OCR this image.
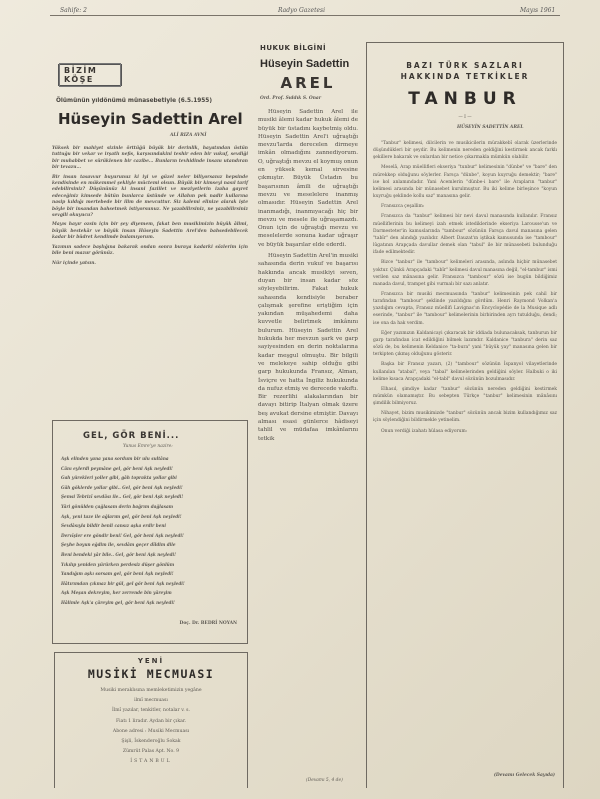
Sahife: 2	Radyo Gazetesi	Mayıs 1961
BİZİM KÖŞE
Ölümünün yıldönümü münasebetiyle (6.5.1955)
Hüseyin Sadettin Arel
ALİ RIZA AVNİ

Yüksek bir mahiyet sizinle örttüğü büyük bir derinlik, hayatından üstün tuttuğu bir vekar ve irşatlı nefis, karşısındakini teshir eden bir vukuf, sevdiği bir muhabbet ve sürüklenen bir cazibe... Bunların tevhidinde insanı utandıran bir tevazu...

Bir insan tasavvur buyurunuz ki iyi ve güzel neler biliyorsanız hepsinde kendisinde en mükemmel şekliyle müctemi olsun. Büyük bir kimseyi nasıl tarif edebilirsiniz? Düşününüz ki insani faziilet ve meziyetlerin izaha gayret edeceğiniz kimsede bütün bunlarca üstünde ve Allahın pek nadir kullarına nasip kıldığı mertebede bir ilim de mevcuttur. Siz kalemi elinize alarak işte böyle bir insandan bahsetmek istiyorsunuz. Ne yazabilirsiniz, ne yazabilirsiniz sevgili okuyucu?

Mayıs hayır ozsin için bir şey diyemem, fakat ben musikimizin büyük âlimi, büyük bestekâr ve büyük insan Hüseyin Sadettin Arel'den bahsedebilecek kadar bir büdret kendimde bulamıyorum.

Yazımın sadece başlığına bakarak ondan sonra buraya kadarki sözlerim için bile beni mazur görünüz.

Nür içinde yatsın.

GEL, GÖR BENİ...
Yunus Emre'ye nazire:
Aşk elinden yana yana sordum bir ulu sultâna
Cânı eylerdi peymâne gel, gör beni Aşk neyledi!
Gah yürekleri yoller gibi, gâh toprakta yollar gibi
Gâh göklerde yollar gibi.. Gel, gör beni Aşk neyledi!
Şemsi Tebrizî sevdâsı ile.. Gel, gör beni Aşk neyledi!
Yâri gönülden çağlasam derin bağrım dağlasam
Aşk, yeni taze ile ağlarım gel, gör beni Aşk neyledi!
Sevdâsıyla bildir benli cansız aşka erdir beni
Dervîşler ere göndir beni! Gel, gör beni Aşk neyledi!
Şeyhe boyun eğdim ile, sevdâm geçer dîldim dile
Beni bendeki yâr bile.. Gel, gör beni Aşk neyledi!
Yıkılıp yeniden yürürken perdesiz düşer gönlüm
Yandığım aşkı sorsam gel, gör beni Aşk neyledi!
Hâtırımdan çıkmaz bir gül, gel gör beni Aşk neyledi!
Aşk Meşan dekreyim, her zerrende bin yâreyim
Hâlimle Aşk'a çâreyim gel, gör beni Aşk neyledi!
Doç. Dr. BEDRİ NOYAN
YENİ
MUSİKİ MECMUASI
Musiki meraklısına memleketimizin yegâne
ilmî mecmuası
İlmî yazılar, tenkitler, notalar v. s.
Fiatı 1 liradır. Aydan bir çıkar.
Abone adresi : Musiki Mecmuası
Şişli, İskenderoğlu Sokak
Zümrüt Palas Apt. No. 9
İSTANBUL
HUKUK BİLGİNİ
Hüseyin Sadettin
AREL
Ord. Prof. Sıddık S. Onar

Hüseyin Sadettin Arel ile musiki âlemi kadar hukuk âlemi de büyük bir üstadını kaybetmiş oldu. Hüseyin Sadettin Arel'i uğraştığı mevzu'larda derecelen dirmeye imkân olmadığını zannediyorum. O, uğraştığı mevzu el koymuş onun en yüksek kemal sirvesine çıkmıştır. Büyük Üstadın bu başarısının âmili de uğraştığı mevzu ve meselelere inanmış olmasıdır. Hüseyin Sadettin Arel inanmadığı, inanmıyacağı hiç bir mevzu ve mesele ile uğraşamazdı. Onun için de uğraştığı mevzu ve meselelerde sonuna kadar uğraşır ve büyük başarılar elde ederdi.

Hüseyin Sadettin Arel'in musiki sahasında derin vukuf ve başarısı hakkında ancak musikiyi seven, duyan bir insan kadar söz söyleyebilirim. Fakat hukuk sahasında kendisiyle beraber çalışmak şerefine eriştiğim için yakından müşahedemi daha kuvvetle belirtmek imkânını bulurum. Hüseyin Sadettin Arel hukukda her mevzun şark ve garp sayiyesinden en derin noktalarına kadar meşgul olmuştu. Bir bilgili ve melekeye sahip olduğu gibi garp hukukunda Fransız, Alman, İsviçre ve hatta İngiliz hukukunda da nufuz etmiş ve derecede vakıftı. Bir rezerlihi alakalarından bir davayı bitirip İtalyan olmak üzere beş avukat dersine etmiştir. Davayı alması esasi günlerce hâdiseyi tahlil ve müdafaa imkânlarını tetkik

(Devamı 5, 4 de)
BAZI TÜRK SAZLARI
HAKKINDA TETKİKLER
TANBUR
— I —
HÜSEYİN SADETTİN AREL

"Tanbur" kelimesi, dilcilerin ve musikicilerin mürakkebî olarak üzerlerinde düşündükleri bir şeydir. Bu kelimenin nereden geldiğini kestirmek ancak farklı şekillere bakarak ve onlardan bir netice çıkarmakla mümkün olabilir.

Meselâ, Arap müellifleri ekseriya "tunbur" kelimesinin "dünbe" ve "bare" den mürekkep olduğunu söylerler. Farsça "dünbe", koyun kuyruğu demektir; "bare" ise kol anlamındadır. Yani Acemlerin "dünbe-i bare" ile Arapların "tanbur" kelimesi arasında bir münasebet kurulmuştur. Bu iki kelime birleşince "koyun kuyruğu şeklinde kollu saz" manasına gelir.

Fransızca çeşallim:

Fransızca da "tanbur" kelimesi bir nevi davul manasında kullanılır. Fransız müelliflerinin bu kelimeyi izah etmek istediklerinde ekseriya Larousse'un ve Darmesteter'in kamuslarında "tambour" sözünün Farsça davul manasına gelen "tabîr" den alındığı yazılıdır. Albert Dauzat'ın iştikak kamusunda ise "tambour" lûgatının Arapçada davullar demek olan "tabul" ile bir münasebeti bulunduğu ifade edilmektedir.

Bizce "tanbur" ile "tambour" kelimeleri arasında, aslında hiçbir münasebet yoktur. Çünkü Arapçadaki "tabîr" kelimesi davul manasına değil, "el-tambur" ismi verilen saz mânasına gelir. Fransızca "tambour" sözü ise bugün bildiğimiz manada davul, trampet gibi vurmalı bir sazı anlatır.

Fransızca bir musiki mecmuasında "tanbur" kelimesinin pek cahil bir tarafından "tambour" şeklinde yazıldığını gördüm. Henri Raymond Volkan'a yazdığım cevapta, Fransız müellifi Lavignac'ın Encyclopédie de la Musique adlı eserinde, "tanbur" ile "tambour" kelimelerinin birbirinden ayrı tutulduğu, dendi; ise ona da hak verdim.

Eğer yazımızın Kaldanicayi çıkaracak bir iddiada bulunacaksak, tanburun bir garp tarafından icat edildiğini bilmek lazımdır. Kaldanice "tanbura" derin saz sözü de, bu kelimenin Keldanice "ta-bura" yani "büyük yay" manasına gelen bir terkipten çıkmış olduğunu gösterir.

Başka bir Fransız yazarı, (2) "tambour" sözünün İspanyol vilayetlerinde kullanılan "atabal", veya "tabal" kelimelerinden geldiğini söyler. Halbuki o iki kelime kısaca Arapçadaki "el-tabl" davul sözünün bozulmasıdır.

Elhasıl, şimdiye kadar "tanbur" sözünün nereden geldiğini kestirmek mümkün olamamıştır. Bu sebepten Türkçe "tanbur" kelimesinin mânâsını şimdilik bilmiyoruz.

Nihayet, bizim musikimizde "tanbur" sözünün ancak bizim kullandığımız saz için söylendiğini bildirmekle yetinelim.

Onun verdiği izahatı hülasa ediyorum:

(Devamı Gelecek Sayıda)
